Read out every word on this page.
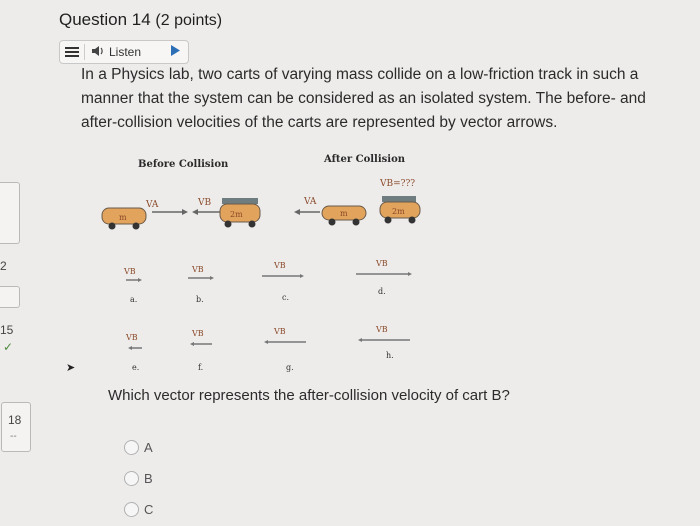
2
15
✓
18
--
Question 14 (2 points)
Listen
In a Physics lab, two carts of varying mass collide on a low-friction track in such a manner that the system can be considered as an isolated system. The before- and after-collision velocities of the carts are represented by vector arrows.
Before Collision	After Collision
m
VA	VB
2m
VA
m
VB=???
2m
VB
a.
VB
b.
VB
c.
VB
d.
VB
e.
VB
f.
VB
g.
VB
h.
➤
Which vector represents the after-collision velocity of cart B?
A
B
C
